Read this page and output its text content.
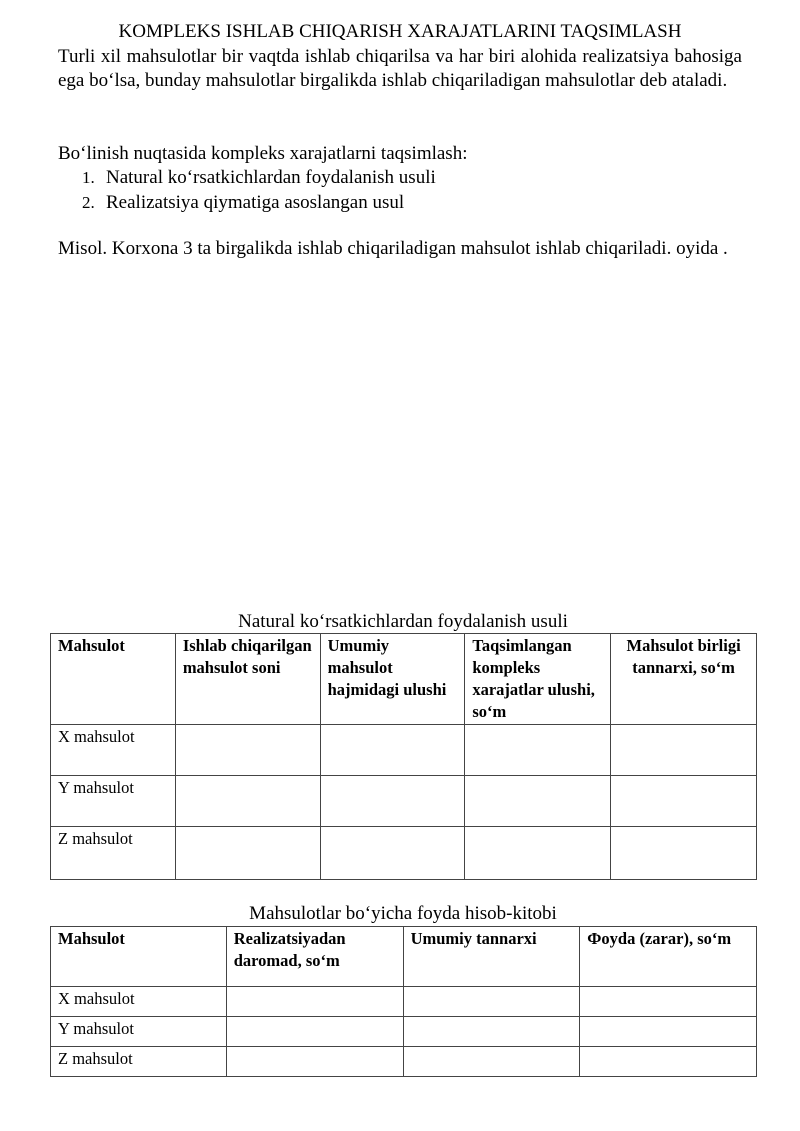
KOMPLEKS ISHLAB CHIQARISH XARAJATLARINI TAQSIMLASH

Turli xil mahsulotlar bir vaqtda ishlab chiqarilsa va har biri alohida realizatsiya bahosiga ega bo‘lsa, bunday mahsulotlar birgalikda ishlab chiqariladigan mahsulotlar deb ataladi.

Bo‘linish nuqtasida kompleks xarajatlarni taqsimlash:

1. Natural ko‘rsatkichlardan foydalanish usuli
2. Realizatsiya qiymatiga asoslangan usul

Misol. Korxona 3 ta birgalikda ishlab chiqariladigan mahsulot ishlab chiqariladi. oyida .

Natural ko‘rsatkichlardan foydalanish usuli
Mahsulot	Ishlab chiqarilgan mahsulot soni	Umumiy mahsulot hajmidagi ulushi	Taqsimlangan kompleks xarajatlar ulushi, so‘m	Mahsulot birligi tannarxi, so‘m
X mahsulot				
Y mahsulot				
Z mahsulot				
Mahsulotlar bo‘yicha foyda hisob-kitobi
Mahsulot	Realizatsiyadan daromad, so‘m	Umumiy tannarxi	Фoyda (zarar), so‘m
X mahsulot			
Y mahsulot			
Z mahsulot			
